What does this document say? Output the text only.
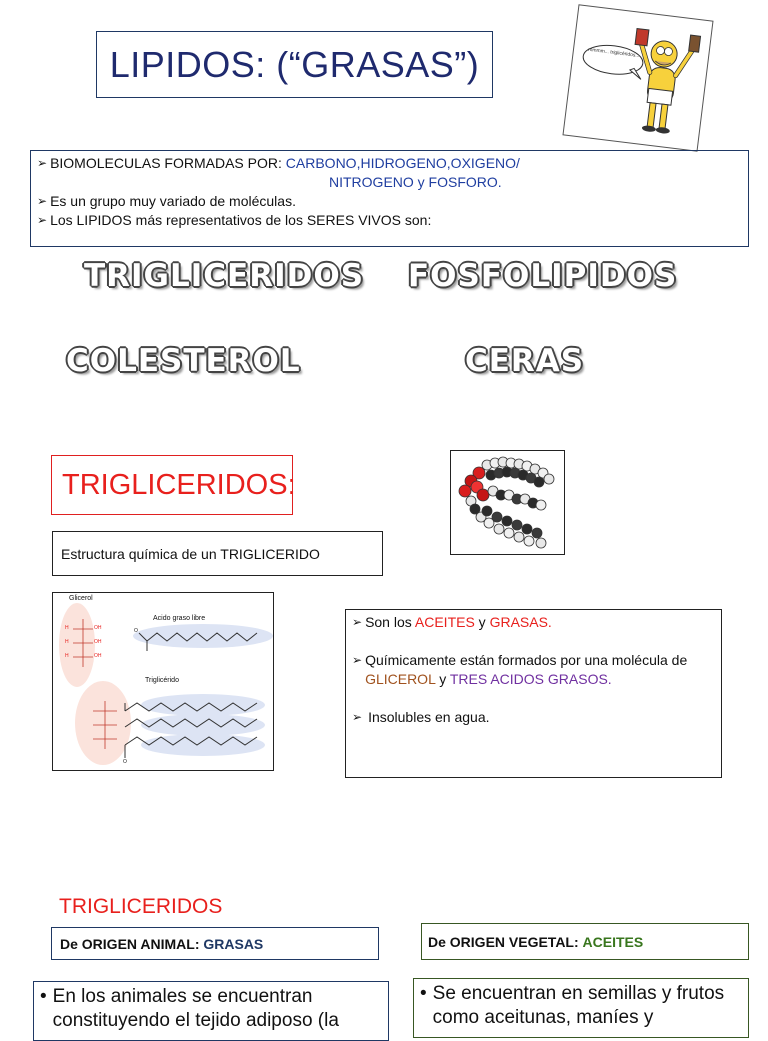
LIPIDOS: (“GRASAS”)	mmmm... triglicéridos...
➢ BIOMOLECULAS FORMADAS POR: CARBONO,HIDROGENO,OXIGENO/
NITROGENO y FOSFORO.
➢ Es un grupo muy variado de moléculas.
➢ Los LIPIDOS más representativos de los SERES VIVOS son:
TRIGLICERIDOS FOSFOLIPIDOS
COLESTEROL	CERAS
TRIGLICERIDOS:
Estructura química de un TRIGLICERIDO
Glicerol
Acido graso libre
Triglicérido
OH
OH
OH
H
H
H
O
O
➢ Son los ACEITES y GRASAS.
➢ Químicamente están formados por una molécula de GLICEROL y TRES ACIDOS GRASOS.
➢ Insolubles en agua.
TRIGLICERIDOS
De ORIGEN ANIMAL: GRASAS	De ORIGEN VEGETAL: ACEITES
• En los animales se encuentran constituyendo el tejido adiposo (la
• Se encuentran en semillas y frutos como aceitunas, maníes y
